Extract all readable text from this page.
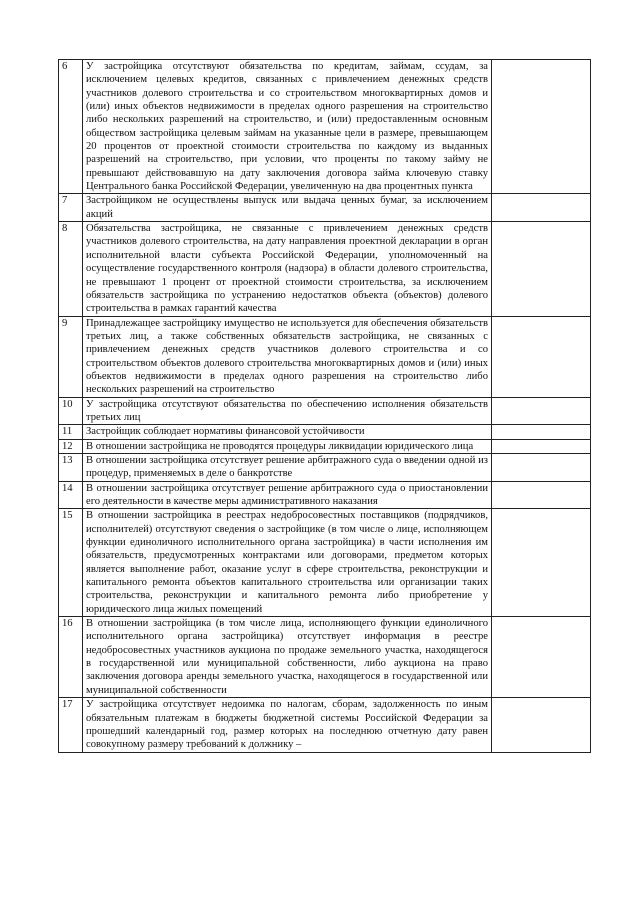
6	У застройщика отсутствуют обязательства по кредитам, займам, ссудам, за исключением целевых кредитов, связанных с привлечением денежных средств участников долевого строительства и со строительством многоквартирных домов и (или) иных объектов недвижимости в пределах одного разрешения на строительство либо нескольких разрешений на строительство, и (или) предоставленным основным обществом застройщика целевым займам на указанные цели в размере, превышающем 20 процентов от проектной стоимости строительства по каждому из выданных разрешений на строительство, при условии, что проценты по такому займу не превышают действовавшую на дату заключения договора займа ключевую ставку Центрального банка Российской Федерации, увеличенную на два процентных пункта	
7	Застройщиком не осуществлены выпуск или выдача ценных бумаг, за исключением акций	
8	Обязательства застройщика, не связанные с привлечением денежных средств участников долевого строительства, на дату направления проектной декларации в орган исполнительной власти субъекта Российской Федерации, уполномоченный на осуществление государственного контроля (надзора) в области долевого строительства, не превышают 1 процент от проектной стоимости строительства, за исключением обязательств застройщика по устранению недостатков объекта (объектов) долевого строительства в рамках гарантий качества	
9	Принадлежащее застройщику имущество не используется для обеспечения обязательств третьих лиц, а также собственных обязательств застройщика, не связанных с привлечением денежных средств участников долевого строительства и со строительством объектов долевого строительства многоквартирных домов и (или) иных объектов недвижимости в пределах одного разрешения на строительство либо нескольких разрешений на строительство	
10	У застройщика отсутствуют обязательства по обеспечению исполнения обязательств третьих лиц	
11	Застройщик соблюдает нормативы финансовой устойчивости	
12	В отношении застройщика не проводятся процедуры ликвидации юридического лица	
13	В отношении застройщика отсутствует решение арбитражного суда о введении одной из процедур, применяемых в деле о банкротстве	
14	В отношении застройщика отсутствует решение арбитражного суда о приостановлении его деятельности в качестве меры административного наказания	
15	В отношении застройщика в реестрах недобросовестных поставщиков (подрядчиков, исполнителей) отсутствуют сведения о застройщике (в том числе о лице, исполняющем функции единоличного исполнительного органа застройщика) в части исполнения им обязательств, предусмотренных контрактами или договорами, предметом которых является выполнение работ, оказание услуг в сфере строительства, реконструкции и капитального ремонта объектов капитального строительства или организации таких строительства, реконструкции и капитального ремонта либо приобретение у юридического лица жилых помещений	
16	В отношении застройщика (в том числе лица, исполняющего функции единоличного исполнительного органа застройщика) отсутствует информация в реестре недобросовестных участников аукциона по продаже земельного участка, находящегося в государственной или муниципальной собственности, либо аукциона на право заключения договора аренды земельного участка, находящегося в государственной или муниципальной собственности	
17	У застройщика отсутствует недоимка по налогам, сборам, задолженность по иным обязательным платежам в бюджеты бюджетной системы Российской Федерации за прошедший календарный год, размер которых на последнюю отчетную дату равен совокупному размеру требований к должнику –	
